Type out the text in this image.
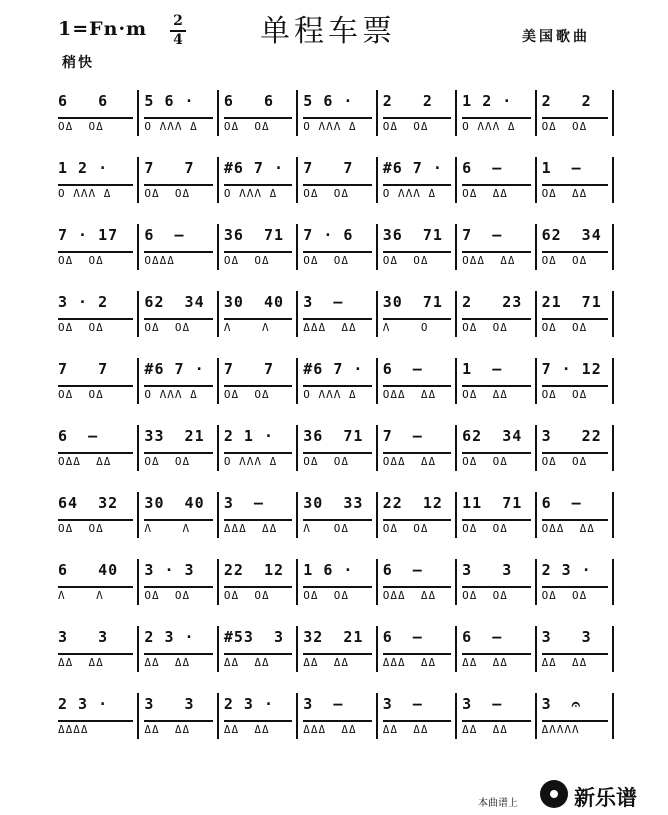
1=Fn·m 2
4	单程车票	美国歌曲
稍快
6   6
OΔ  OΔ
5 6 ·
O ΛΛΛ Δ
6   6
OΔ  OΔ
5 6 ·
O ΛΛΛ Δ
2   2
OΔ  OΔ
1 2 ·
O ΛΛΛ Δ
2   2
OΔ  OΔ
1 2 ·
O ΛΛΛ Δ
7   7
OΔ  OΔ
#6 7 ·
O ΛΛΛ Δ
7   7
OΔ  OΔ
#6 7 ·
O ΛΛΛ Δ
6  —
OΔ  ΔΔ
1  —
OΔ  ΔΔ
7 · 17
OΔ  OΔ
6  —
OΔΔΔ
36  71
OΔ  OΔ
7 · 6
OΔ  OΔ
36  71
OΔ  OΔ
7  —
OΔΔ  ΔΔ
62  34
OΔ  OΔ
3 · 2
OΔ  OΔ
62  34
OΔ  OΔ
30  40
Λ    Λ
3  —
ΔΔΔ  ΔΔ
30  71
Λ    O
2   23
OΔ  OΔ
21  71
OΔ  OΔ
7   7
OΔ  OΔ
#6 7 ·
O ΛΛΛ Δ
7   7
OΔ  OΔ
#6 7 ·
O ΛΛΛ Δ
6  —
OΔΔ  ΔΔ
1  —
OΔ  ΔΔ
7 · 12
OΔ  OΔ
6  —
OΔΔ  ΔΔ
33  21
OΔ  OΔ
2 1 ·
O ΛΛΛ Δ
36  71
OΔ  OΔ
7  —
OΔΔ  ΔΔ
62  34
OΔ  OΔ
3   22
OΔ  OΔ
64  32
OΔ  OΔ
30  40
Λ    Λ
3  —
ΔΔΔ  ΔΔ
30  33
Λ   OΔ
22  12
OΔ  OΔ
11  71
OΔ  OΔ
6  —
OΔΔ  ΔΔ
6   40
Λ    Λ
3 · 3
OΔ  OΔ
22  12
OΔ  OΔ
1 6 ·
OΔ  OΔ
6  —
OΔΔ  ΔΔ
3   3
OΔ  OΔ
2 3 ·
OΔ  OΔ
3   3
ΔΔ  ΔΔ
2 3 ·
ΔΔ  ΔΔ
#53  3
ΔΔ  ΔΔ
32  21
ΔΔ  ΔΔ
6  —
ΔΔΔ  ΔΔ
6  —
ΔΔ  ΔΔ
3   3
ΔΔ  ΔΔ
2 3 ·
ΔΔΔΔ
3   3
ΔΔ  ΔΔ
2 3 ·
ΔΔ  ΔΔ
3  —
ΔΔΔ  ΔΔ
3  —
ΔΔ  ΔΔ
3  —
ΔΔ  ΔΔ
3  𝄐
ΔΛΛΛΛ
本曲谱上	新乐谱
